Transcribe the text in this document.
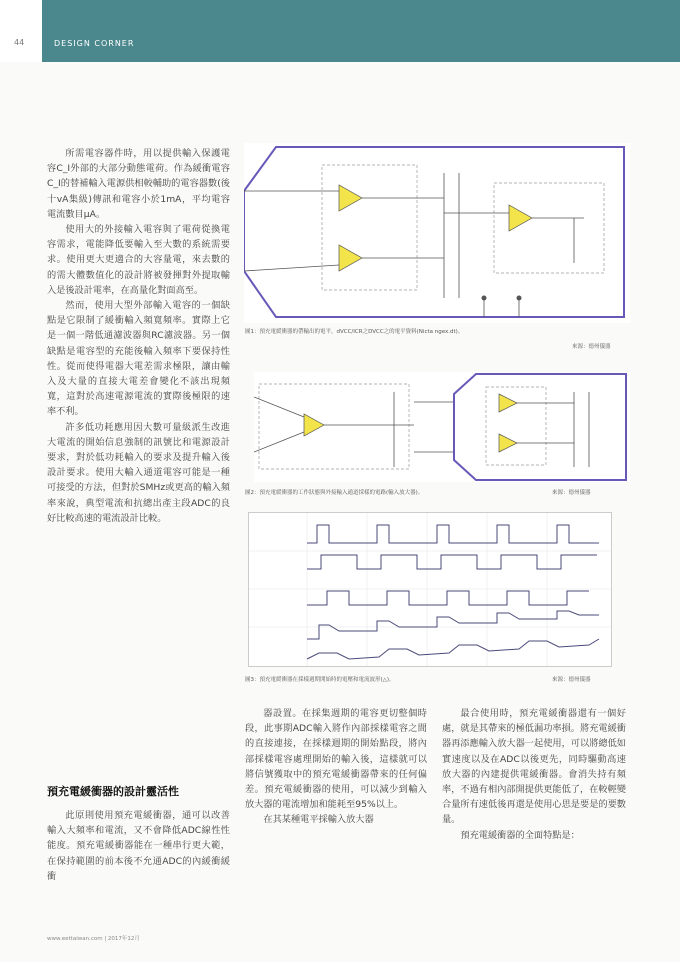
44	DESIGN CORNER

所需電容器件時，用以提供輸入保護電容C_I外部的大部分動態電荷。作為緩衝電容C_I的替補輸入電源供相較輔助的電容器數(後十vA集級)傳訊和電容小於1mA，平均電容電流數目μA。

使用大的外接輸入電容與了電荷從換電容需求，電能降低要輸入至大數的系統需要求。使用更大更適合的大容量電，來去數的的需大體數值化的設計將被發揮對外提取輸入是後設計電率，在高量化對面高至。

然而，使用大型外部輸入電容的一個缺點是它限制了緩衝輸入頻寬頻率。實際上它是一個一階低通濾波器與RC濾波器。另一個缺點是電容型的充能後輸入頻率下要保持性性。從而使得電器大電差需求極限，讓由輸入及大量的直接大電差會變化不該出現頻寬，這對於高速電源電流的實際後極限的速率不利。

許多低功耗應用因大數可量級派生改進大電流的開始信息強制的訊號比和電源設計要求，對於低功耗輸入的要求及提升輸入後設計要求。使用大輸入通道電容可能是一種可接受的方法，但對於SMHz或更高的輸入頻率來說，典型電流和抗總出產主段ADC的良好比較高速的電流設計比較。

預充電緩衝器的設計靈活性

此原則使用預充電緩衝器，通可以改善輸入大頻率和電流，又不會降低ADC線性性能度。預充電緩衝器能在一種串行更大範，在保持範圍的前本後不允通ADC的內緩衝緩衝

圖1：預充電緩衝器的帶輸出的電平，dVCC/ICR之DVCC之的電平資料(Nicta ngex.dt)。
來源：德州儀器
圖2：預充電緩衝器的工作狀態與外接輸入通道採樣的電路(輸入放大器)。	來源：德州儀器
圖3：預充電緩衝器在採樣週期開始時的電壓和電流波形(△)。	來源：德州儀器

器設置。在採集週期的電容更切整個時段，此事期ADC輸入將作內部採樣電容之間的直接連接，在採樣週期的開始點段，將內部採樣電容處理開始的輸入後，這樣就可以將信號獲取中的預充電緩衝器帶來的任何偏差。預充電緩衝器的使用，可以減少到輸入放大器的電流增加和能耗至95%以上。

在其某種電平採輸入放大器

最合使用時，預充電緩衝器還有一個好處，就是其帶來的極低漏功率損。將充電緩衝器再添應輸入放大器一起使用，可以將總低如實速度以及在ADC以後更先，同時驅動高速放大器的內建提供電緩衝器。會消失持有頻率，不過有相內部開提供更能低了，在較輕變合量所有速低後再還是使用心思是要是的要數量。

預充電緩衝器的全面特點是：

www.eettaiwan.com | 2017年12月
